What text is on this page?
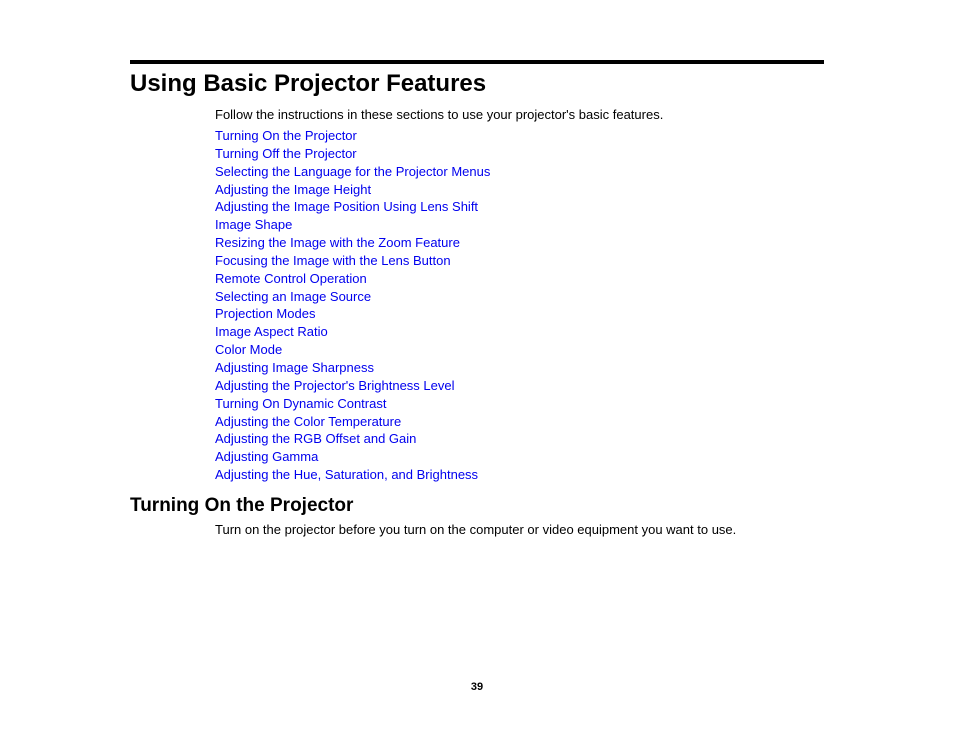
Using Basic Projector Features

Follow the instructions in these sections to use your projector's basic features.

Turning On the Projector
Turning Off the Projector
Selecting the Language for the Projector Menus
Adjusting the Image Height
Adjusting the Image Position Using Lens Shift
Image Shape
Resizing the Image with the Zoom Feature
Focusing the Image with the Lens Button
Remote Control Operation
Selecting an Image Source
Projection Modes
Image Aspect Ratio
Color Mode
Adjusting Image Sharpness
Adjusting the Projector's Brightness Level
Turning On Dynamic Contrast
Adjusting the Color Temperature
Adjusting the RGB Offset and Gain
Adjusting Gamma
Adjusting the Hue, Saturation, and Brightness
Turning On the Projector

Turn on the projector before you turn on the computer or video equipment you want to use.

39
